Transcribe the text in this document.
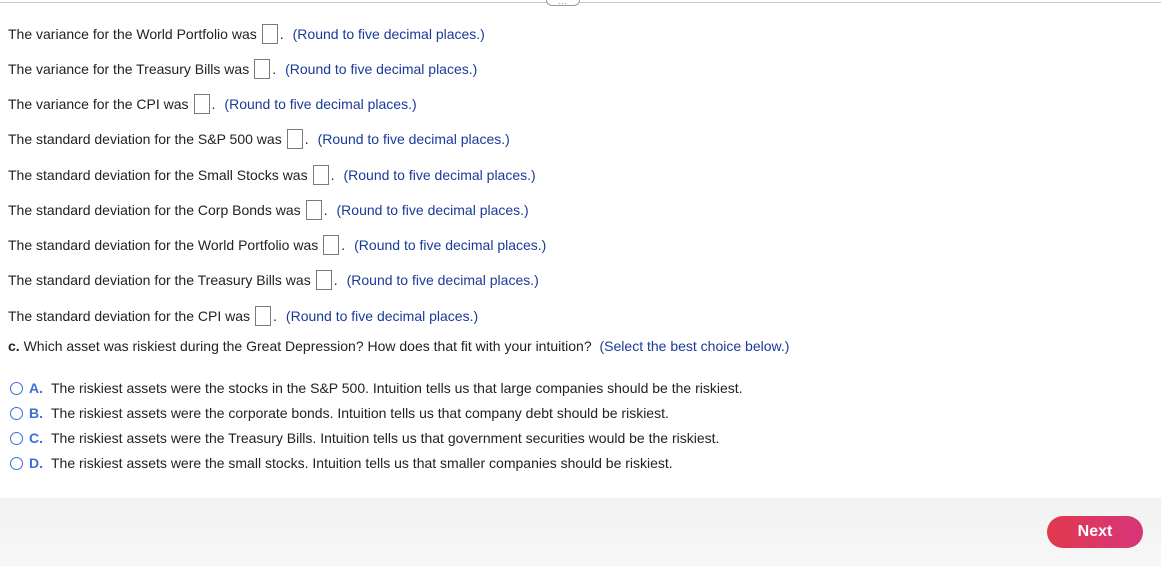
...
The variance for the World Portfolio was . (Round to five decimal places.)
The variance for the Treasury Bills was . (Round to five decimal places.)
The variance for the CPI was . (Round to five decimal places.)
The standard deviation for the S&P 500 was . (Round to five decimal places.)
The standard deviation for the Small Stocks was . (Round to five decimal places.)
The standard deviation for the Corp Bonds was . (Round to five decimal places.)
The standard deviation for the World Portfolio was . (Round to five decimal places.)
The standard deviation for the Treasury Bills was . (Round to five decimal places.)
The standard deviation for the CPI was . (Round to five decimal places.)
c. Which asset was riskiest during the Great Depression? How does that fit with your intuition? (Select the best choice below.)
A. The riskiest assets were the stocks in the S&P 500. Intuition tells us that large companies should be the riskiest.
B. The riskiest assets were the corporate bonds. Intuition tells us that company debt should be riskiest.
C. The riskiest assets were the Treasury Bills. Intuition tells us that government securities would be the riskiest.
D. The riskiest assets were the small stocks. Intuition tells us that smaller companies should be riskiest.
Next
